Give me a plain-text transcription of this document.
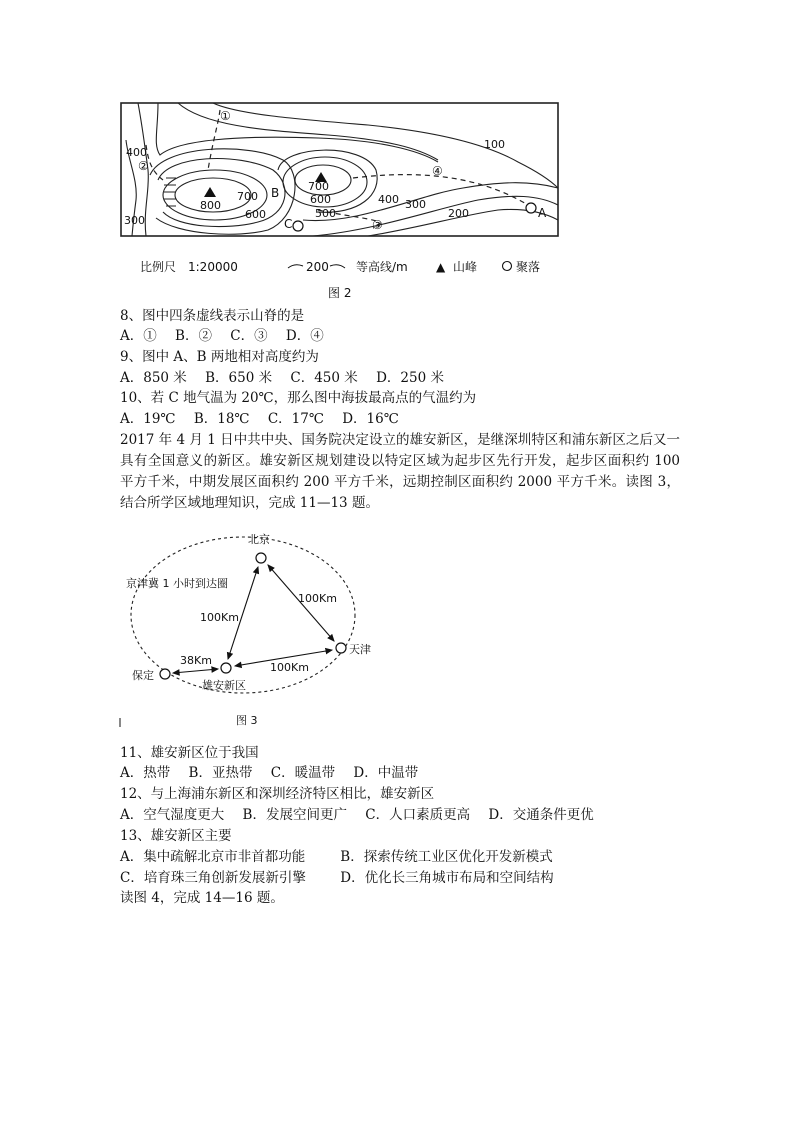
100
400
300
800
700
600
700
600
500
400 300
200
①
②
③
④
A
B
C
比例尺　1:20000	200 等高线/m ▲ 山峰	聚落
图 2
8、图中四条虚线表示山脊的是
A．① B．② C．③ D．④
9、图中 A、B 两地相对高度约为
A．850 米 B．650 米 C．450 米 D．250 米
10、若 C 地气温为 20℃，那么图中海拔最高点的气温约为
A．19℃ B．18℃ C．17℃ D．16℃
2017 年 4 月 1 日中共中央、国务院决定设立的雄安新区，是继深圳特区和浦东新区之后又一具有全国意义的新区。雄安新区规划建设以特定区域为起步区先行开发，起步区面积约 100 平方千米，中期发展区面积约 200 平方千米，远期控制区面积约 2000 平方千米。读图 3，结合所学区域地理知识，完成 11—13 题。
北京
天津
保定
雄安新区
京津冀 1 小时到达圈
100Km
100Km
100Km
38Km
图 3
11、雄安新区位于我国
A．热带 B．亚热带 C．暖温带 D．中温带
12、与上海浦东新区和深圳经济特区相比，雄安新区
A．空气湿度更大 B．发展空间更广 C．人口素质更高 D．交通条件更优
13、雄安新区主要
A．集中疏解北京市非首都功能	B．探索传统工业区优化开发新模式
C．培育珠三角创新发展新引擎	D．优化长三角城市布局和空间结构
读图 4，完成 14—16 题。
